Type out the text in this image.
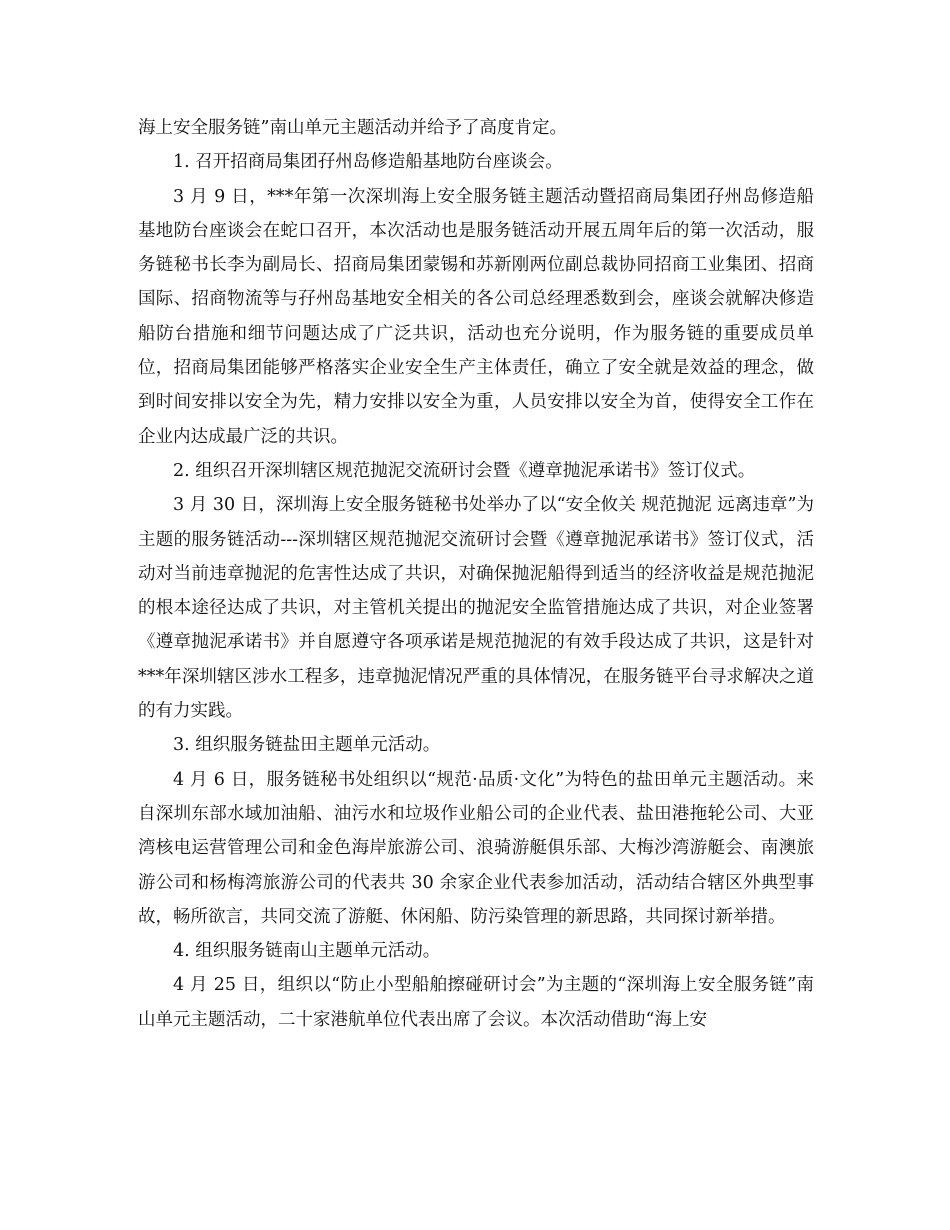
海上安全服务链”南山单元主题活动并给予了高度肯定。

1. 召开招商局集团孖州岛修造船基地防台座谈会。

3 月 9 日，***年第一次深圳海上安全服务链主题活动暨招商局集团孖州岛修造船基地防台座谈会在蛇口召开，本次活动也是服务链活动开展五周年后的第一次活动，服务链秘书长李为副局长、招商局集团蒙锡和苏新刚两位副总裁协同招商工业集团、招商国际、招商物流等与孖州岛基地安全相关的各公司总经理悉数到会，座谈会就解决修造船防台措施和细节问题达成了广泛共识，活动也充分说明，作为服务链的重要成员单位，招商局集团能够严格落实企业安全生产主体责任，确立了安全就是效益的理念，做到时间安排以安全为先，精力安排以安全为重，人员安排以安全为首，使得安全工作在企业内达成最广泛的共识。

2. 组织召开深圳辖区规范抛泥交流研讨会暨《遵章抛泥承诺书》签订仪式。

3 月 30 日，深圳海上安全服务链秘书处举办了以“安全攸关 规范抛泥 远离违章”为主题的服务链活动---深圳辖区规范抛泥交流研讨会暨《遵章抛泥承诺书》签订仪式，活动对当前违章抛泥的危害性达成了共识，对确保抛泥船得到适当的经济收益是规范抛泥的根本途径达成了共识，对主管机关提出的抛泥安全监管措施达成了共识，对企业签署《遵章抛泥承诺书》并自愿遵守各项承诺是规范抛泥的有效手段达成了共识，这是针对***年深圳辖区涉水工程多，违章抛泥情况严重的具体情况，在服务链平台寻求解决之道的有力实践。

3. 组织服务链盐田主题单元活动。

4 月 6 日，服务链秘书处组织以“规范·品质·文化”为特色的盐田单元主题活动。来自深圳东部水域加油船、油污水和垃圾作业船公司的企业代表、盐田港拖轮公司、大亚湾核电运营管理公司和金色海岸旅游公司、浪骑游艇俱乐部、大梅沙湾游艇会、南澳旅游公司和杨梅湾旅游公司的代表共 30 余家企业代表参加活动，活动结合辖区外典型事故，畅所欲言，共同交流了游艇、休闲船、防污染管理的新思路，共同探讨新举措。

4. 组织服务链南山主题单元活动。

4 月 25 日，组织以“防止小型船舶擦碰研讨会”为主题的“深圳海上安全服务链”南山单元主题活动，二十家港航单位代表出席了会议。本次活动借助“海上安
